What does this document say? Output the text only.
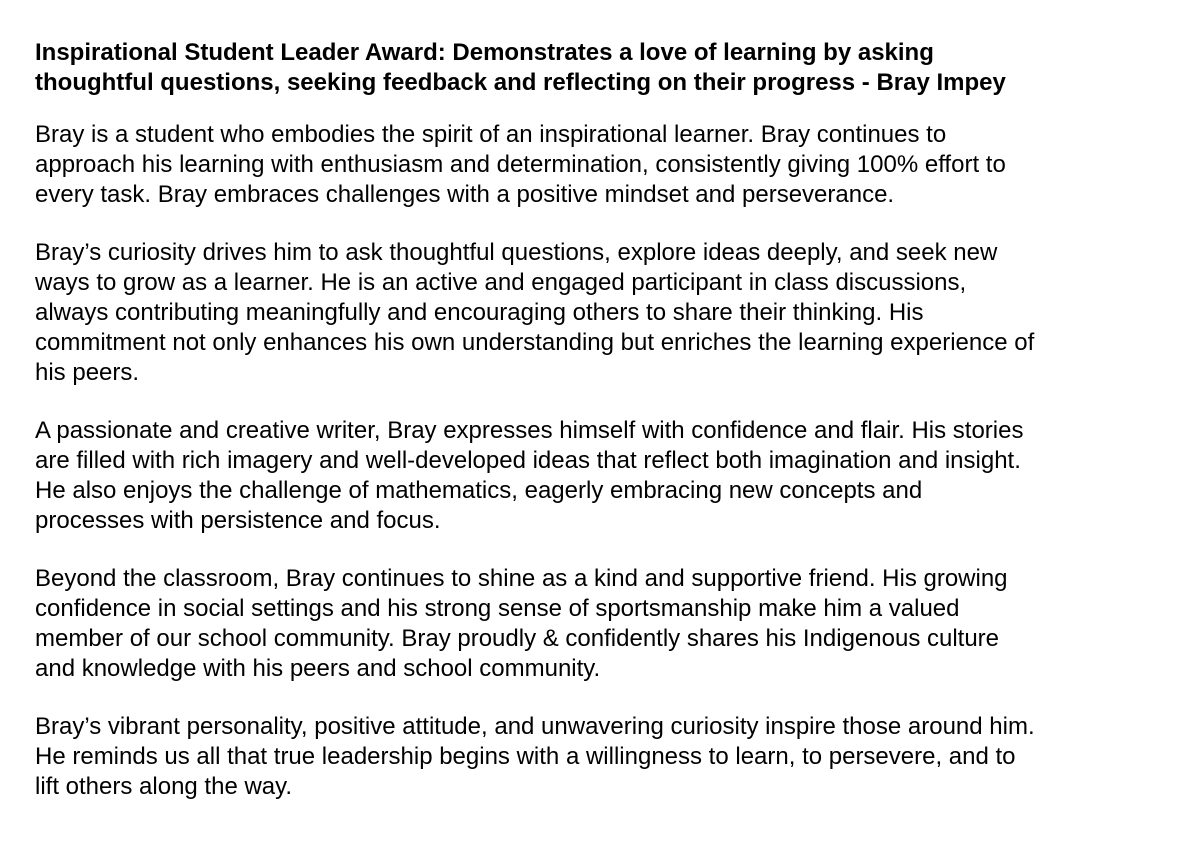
Inspirational Student Leader Award: Demonstrates a love of learning by asking
thoughtful questions, seeking feedback and reflecting on their progress - Bray Impey
Bray is a student who embodies the spirit of an inspirational learner. Bray continues to
approach his learning with enthusiasm and determination, consistently giving 100% effort to
every task. Bray embraces challenges with a positive mindset and perseverance.
Bray’s curiosity drives him to ask thoughtful questions, explore ideas deeply, and seek new
ways to grow as a learner. He is an active and engaged participant in class discussions,
always contributing meaningfully and encouraging others to share their thinking. His
commitment not only enhances his own understanding but enriches the learning experience of
his peers.
A passionate and creative writer, Bray expresses himself with confidence and flair. His stories
are filled with rich imagery and well-developed ideas that reflect both imagination and insight.
He also enjoys the challenge of mathematics, eagerly embracing new concepts and
processes with persistence and focus.
Beyond the classroom, Bray continues to shine as a kind and supportive friend. His growing
confidence in social settings and his strong sense of sportsmanship make him a valued
member of our school community. Bray proudly & confidently shares his Indigenous culture
and knowledge with his peers and school community.
Bray’s vibrant personality, positive attitude, and unwavering curiosity inspire those around him.
He reminds us all that true leadership begins with a willingness to learn, to persevere, and to
lift others along the way.
